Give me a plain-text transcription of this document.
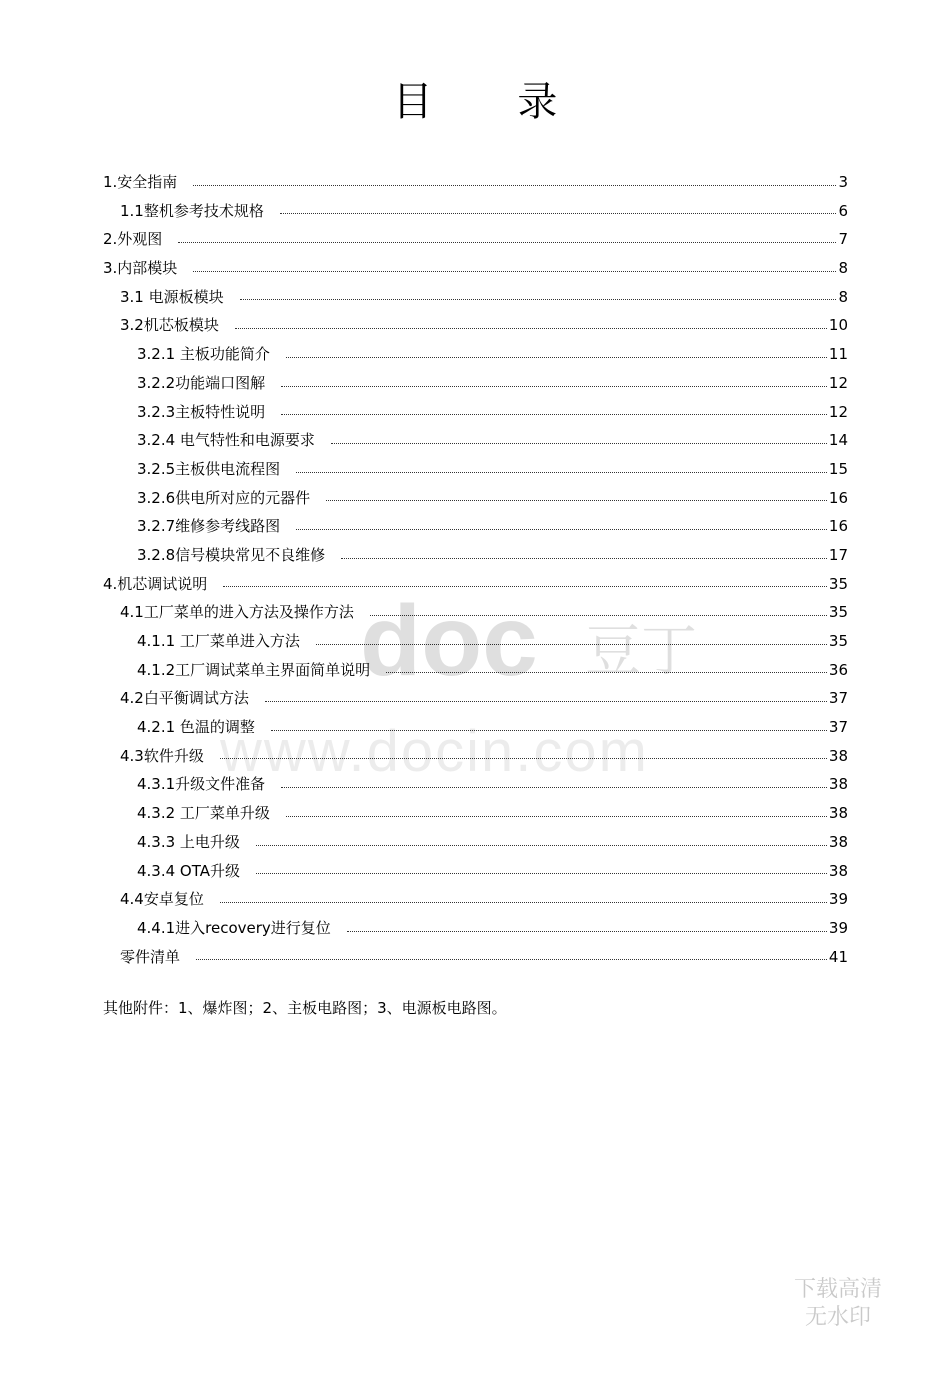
目 录
1.安全指南	3
1.1整机参考技术规格	6
2.外观图	7
3.内部模块	8
3.1 电源板模块	8
3.2机芯板模块	10
3.2.1 主板功能简介	11
3.2.2功能端口图解	12
3.2.3主板特性说明	12
3.2.4 电气特性和电源要求	14
3.2.5主板供电流程图	15
3.2.6供电所对应的元器件	16
3.2.7维修参考线路图	16
3.2.8信号模块常见不良维修	17
4.机芯调试说明	35
4.1工厂菜单的进入方法及操作方法	35
4.1.1 工厂菜单进入方法	35
4.1.2工厂调试菜单主界面简单说明	36
4.2白平衡调试方法	37
4.2.1 色温的调整	37
4.3软件升级	38
4.3.1升级文件准备	38
4.3.2 工厂菜单升级	38
4.3.3 上电升级	38
4.3.4 OTA升级	38
4.4安卓复位	39
4.4.1进入recovery进行复位	39
零件清单	41
其他附件：1、爆炸图；2、主板电路图；3、电源板电路图。
doc 豆丁
www.docin.com
下载高清
无水印
